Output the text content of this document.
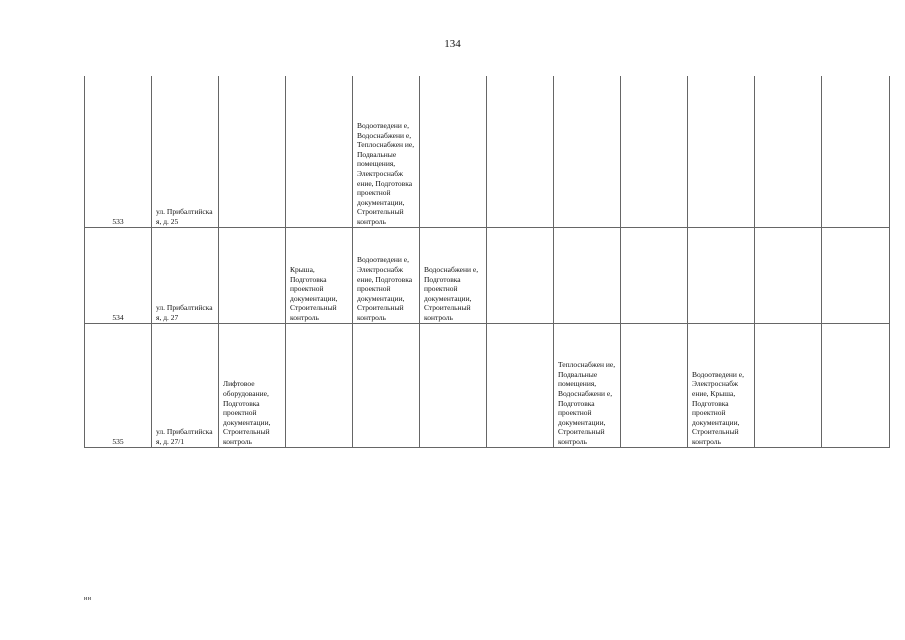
134
533	ул. Прибалтийска я, д. 25			Водоотведени е, Водоснабжени е, Теплоснабжен ие, Подвальные помещения, Электроснабж ение, Подготовка проектной документации, Строительный контроль							
534	ул. Прибалтийска я, д. 27		Крыша, Подготовка проектной документации, Строительный контроль	Водоотведени е, Электроснабж ение, Подготовка проектной документации, Строительный контроль	Водоснабжени е, Подготовка проектной документации, Строительный контроль						
535	ул. Прибалтийска я, д. 27/1	Лифтовое оборудование, Подготовка проектной документации, Строительный контроль					Теплоснабжен ие, Подвальные помещения, Водоснабжени е, Подготовка проектной документации, Строительный контроль		Водоотведени е, Электроснабж ение, Крыша, Подготовка проектной документации, Строительный контроль		
нн
